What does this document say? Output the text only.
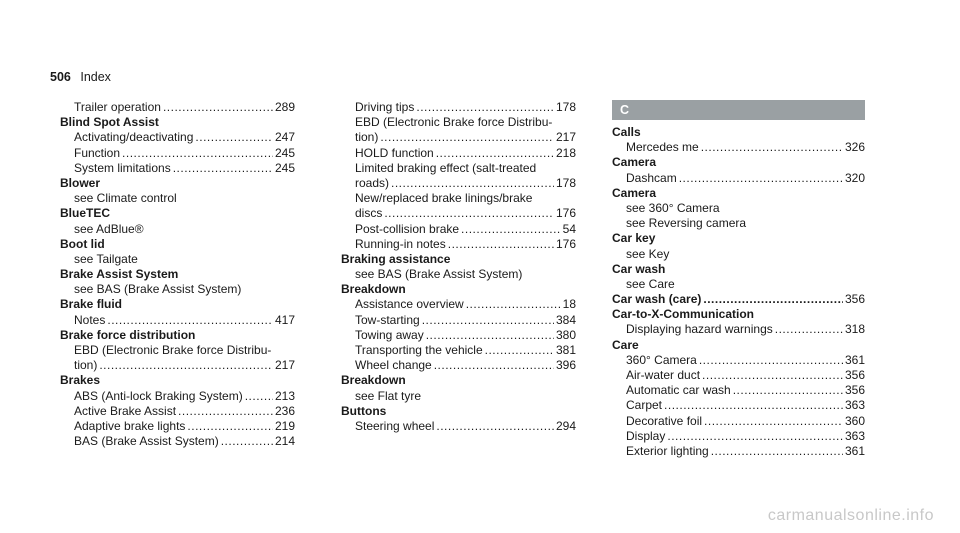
506 Index
Trailer operation .....	289
Blind Spot Assist
Activating/deactivating .....	247
Function .....	245
System limitations .....	245
Blower
see Climate control
BlueTEC
see AdBlue®
Boot lid
see Tailgate
Brake Assist System
see BAS (Brake Assist System)
Brake fluid
Notes .....	417
Brake force distribution
EBD (Electronic Brake force Distribu-
tion) .....	217
Brakes
ABS (Anti-lock Braking System) .....	213
Active Brake Assist .....	236
Adaptive brake lights .....	219
BAS (Brake Assist System) .....	214
Driving tips .....	178
EBD (Electronic Brake force Distribu-
tion) .....	217
HOLD function .....	218
Limited braking effect (salt-treated
roads) .....	178
New/replaced brake linings/brake
discs .....	176
Post-collision brake .....	54
Running-in notes .....	176
Braking assistance
see BAS (Brake Assist System)
Breakdown
Assistance overview .....	18
Tow-starting .....	384
Towing away .....	380
Transporting the vehicle .....	381
Wheel change .....	396
Breakdown
see Flat tyre
Buttons
Steering wheel .....	294
C
Calls
Mercedes me .....	326
Camera
Dashcam .....	320
Camera
see 360° Camera
see Reversing camera
Car key
see Key
Car wash
see Care
Car wash (care) .....	356
Car-to-X-Communication
Displaying hazard warnings .....	318
Care
360° Camera .....	361
Air-water duct .....	356
Automatic car wash .....	356
Carpet .....	363
Decorative foil .....	360
Display .....	363
Exterior lighting .....	361
carmanualsonline.info
